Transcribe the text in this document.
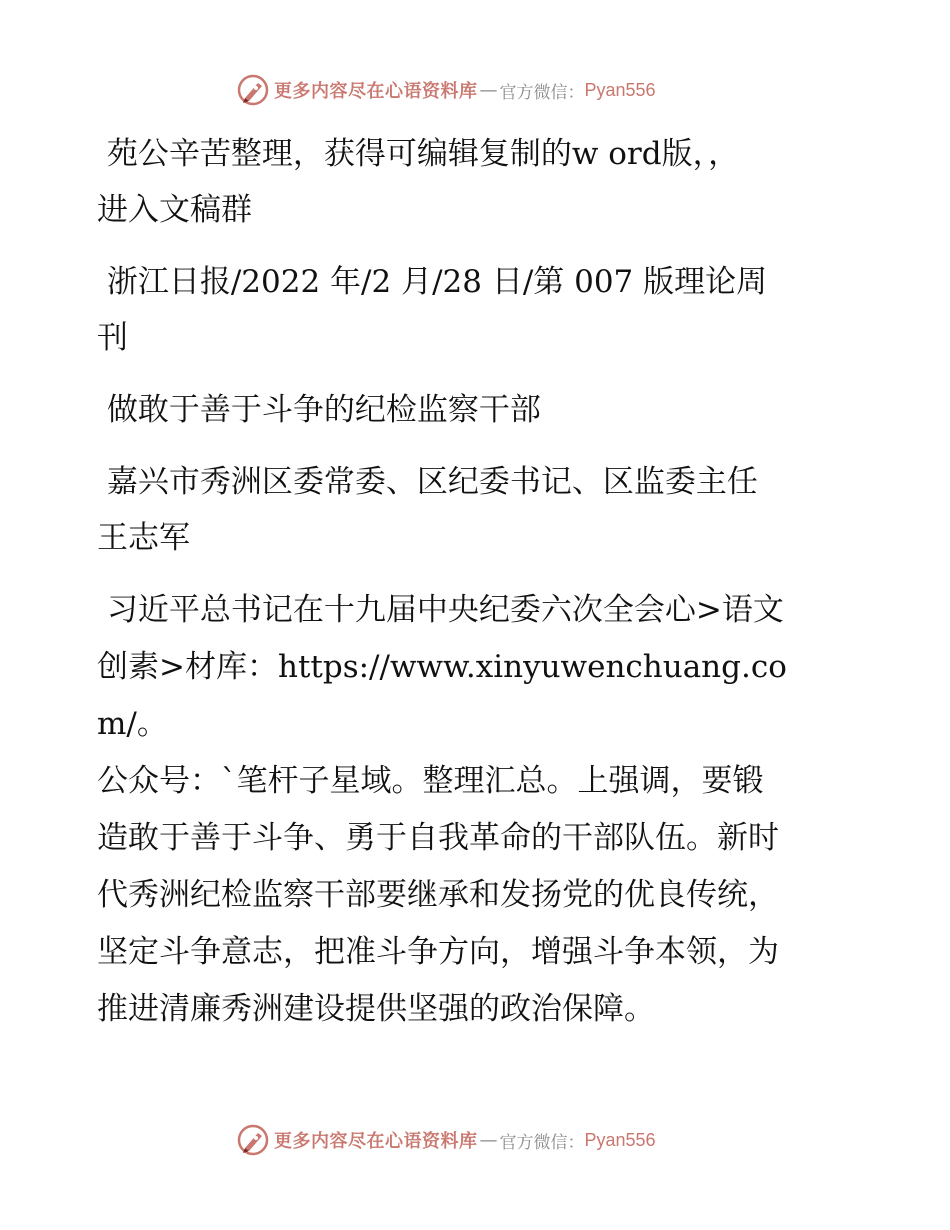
更多内容尽在心语资料库 — 官方微信： Pyan556

苑公辛苦整理，获得可编辑复制的w ord版，，
进入文稿群

浙江日报/2022 年/2 月/28 日/第 007 版理论周
刊

做敢于善于斗争的纪检监察干部

嘉兴市秀洲区委常委、区纪委书记、区监委主任
王志军

习近平总书记在十九届中央纪委六次全会心>语文
创素>材库：https://www.xinyuwenchuang.com/。
公众号：`笔杆子星域。整理汇总。上强调，要锻
造敢于善于斗争、勇于自我革命的干部队伍。新时
代秀洲纪检监察干部要继承和发扬党的优良传统，
坚定斗争意志，把准斗争方向，增强斗争本领，为
推进清廉秀洲建设提供坚强的政治保障。

更多内容尽在心语资料库 — 官方微信： Pyan556
